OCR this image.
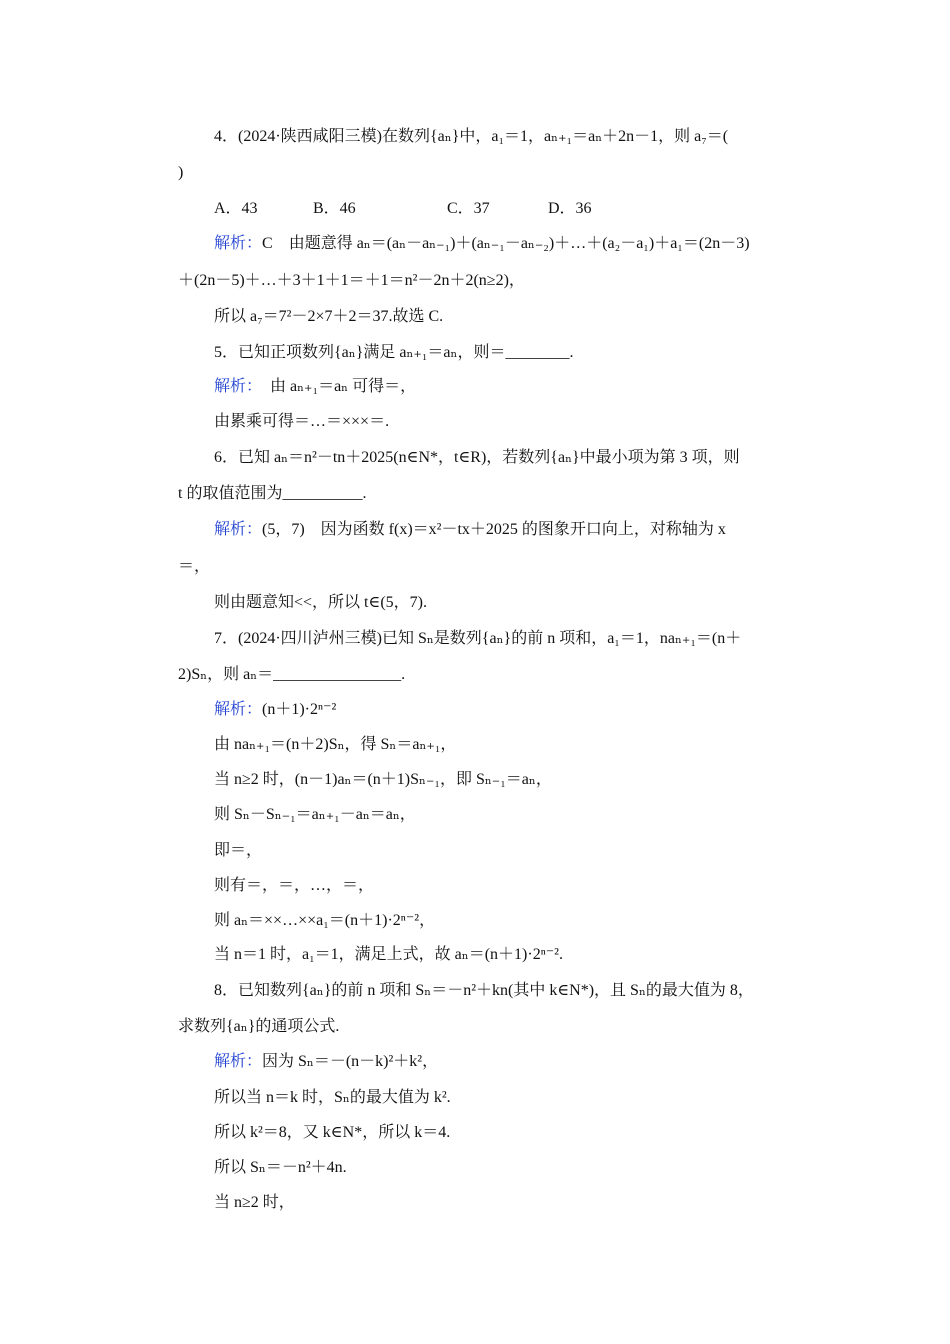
4．(2024·陕西咸阳三模)在数列{aₙ}中，a₁＝1，aₙ₊₁＝aₙ＋2n－1，则 a₇＝(
)
A．43	B．46	C．37	D．36
解析：C　由题意得 aₙ＝(aₙ－aₙ₋₁)＋(aₙ₋₁－aₙ₋₂)＋…＋(a₂－a₁)＋a₁＝(2n－3)
＋(2n－5)＋…＋3＋1＋1＝＋1＝n²－2n＋2(n≥2)，
所以 a₇＝7²－2×7＋2＝37.故选 C.
5．已知正项数列{aₙ}满足 aₙ₊₁＝aₙ，则＝________.
解析：　由 aₙ₊₁＝aₙ 可得＝，
由累乘可得＝…＝×××＝.
6．已知 aₙ＝n²－tn＋2025(n∈N*，t∈R)，若数列{aₙ}中最小项为第 3 项，则
t 的取值范围为__________.
解析：(5，7)　因为函数 f(x)＝x²－tx＋2025 的图象开口向上，对称轴为 x
＝，
则由题意知<<，所以 t∈(5，7).
7．(2024·四川泸州三模)已知 Sₙ是数列{aₙ}的前 n 项和，a₁＝1，naₙ₊₁＝(n＋
2)Sₙ，则 aₙ＝________________.
解析：(n＋1)·2ⁿ⁻²
由 naₙ₊₁＝(n＋2)Sₙ，得 Sₙ＝aₙ₊₁，
当 n≥2 时，(n－1)aₙ＝(n＋1)Sₙ₋₁，即 Sₙ₋₁＝aₙ，
则 Sₙ－Sₙ₋₁＝aₙ₊₁－aₙ＝aₙ，
即＝，
则有＝，＝，…，＝，
则 aₙ＝××…××a₁＝(n＋1)·2ⁿ⁻²，
当 n＝1 时，a₁＝1，满足上式，故 aₙ＝(n＋1)·2ⁿ⁻².
8．已知数列{aₙ}的前 n 项和 Sₙ＝－n²＋kn(其中 k∈N*)，且 Sₙ的最大值为 8，
求数列{aₙ}的通项公式.
解析：因为 Sₙ＝－(n－k)²＋k²，
所以当 n＝k 时，Sₙ的最大值为 k².
所以 k²＝8，又 k∈N*，所以 k＝4.
所以 Sₙ＝－n²＋4n.
当 n≥2 时，
